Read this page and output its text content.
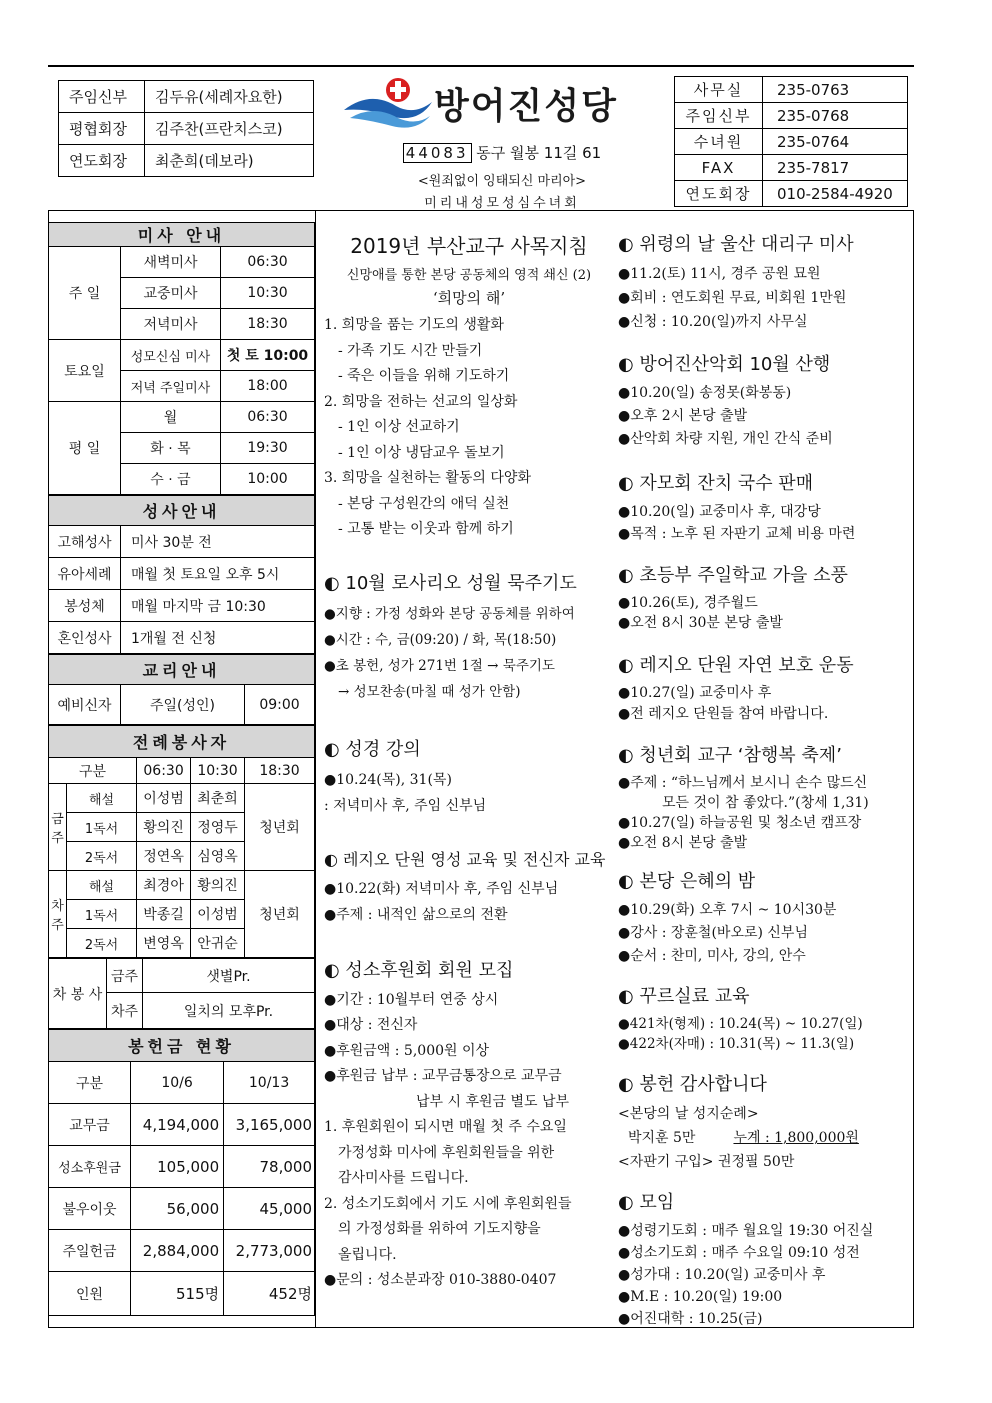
주임신부	김두유(세례자요한)
평협회장	김주찬(프란치스코)
연도회장	최춘희(데보라)
방어진성당
44083 동구 월봉 11길 61
<원죄없이 잉태되신 마리아>
미리내성모성심수녀회
사무실	235-0763
주임신부	235-0768
수녀원	235-0764
FAX	235-7817
연도회장	010-2584-4920
미사 안내		
주 일	새벽미사	06:30
	교중미사	10:30
	저녁미사	18:30
토요일	성모신심 미사	첫 토 10:00
	저녁 주일미사	18:00
평 일	월	06:30
	화 · 목	19:30
	수 · 금	10:00
성사안내	
고해성사	미사 30분 전
유아세례	매월 첫 토요일 오후 5시
봉성체	매월 마지막 금 10:30
혼인성사	1개월 전 신청
교리안내
예비신자	주일(성인)	09:00
전례봉사자				
구분		06:30	10:30	18:30
금주	해설	이성범	최춘희	청년회
	1독서	황의진	정영두	
	2독서	정연옥	심영옥	
차주	해설	최경아	황의진	청년회
	1독서	박종길	이성범	
	2독서	변영옥	안귀순	
차 봉 사	금주	샛별Pr.
	차주	일치의 모후Pr.
봉헌금 현황		
구분	10/6	10/13
교무금	4,194,000	3,165,000
성소후원금	105,000	78,000
불우이웃	56,000	45,000
주일헌금	2,884,000	2,773,000
인원	515명	452명
2019년 부산교구 사목지침
신망애를 통한 본당 공동체의 영적 쇄신 (2)
‘희망의 해’
1. 희망을 품는 기도의 생활화
- 가족 기도 시간 만들기
- 죽은 이들을 위해 기도하기
2. 희망을 전하는 선교의 일상화
- 1인 이상 선교하기
- 1인 이상 냉담교우 돌보기
3. 희망을 실천하는 활동의 다양화
- 본당 구성원간의 애덕 실천
- 고통 받는 이웃과 함께 하기
◐ 10월 로사리오 성월 묵주기도
●지향 : 가정 성화와 본당 공동체를 위하여
●시간 : 수, 금(09:20) / 화, 목(18:50)
●초 봉헌, 성가 271번 1절 → 묵주기도
→ 성모찬송(마칠 때 성가 안함)
◐ 성경 강의
●10.24(목), 31(목)
: 저녁미사 후, 주임 신부님
◐ 레지오 단원 영성 교육 및 전신자 교육
●10.22(화) 저녁미사 후, 주임 신부님
●주제 : 내적인 삶으로의 전환
◐ 성소후원회 회원 모집
●기간 : 10월부터 연중 상시
●대상 : 전신자
●후원금액 : 5,000원 이상
●후원금 납부 : 교무금통장으로 교무금
납부 시 후원금 별도 납부
1. 후원회원이 되시면 매월 첫 주 수요일
가정성화 미사에 후원회원들을 위한
감사미사를 드립니다.
2. 성소기도회에서 기도 시에 후원회원들
의 가정성화를 위하여 기도지향을
올립니다.
●문의 : 성소분과장 010-3880-0407
◐ 위령의 날 울산 대리구 미사
●11.2(토) 11시, 경주 공원 묘원
●회비 : 연도회원 무료, 비회원 1만원
●신청 : 10.20(일)까지 사무실
◐ 방어진산악회 10월 산행
●10.20(일) 송정못(화봉동)
●오후 2시 본당 출발
●산악회 차량 지원, 개인 간식 준비
◐ 자모회 잔치 국수 판매
●10.20(일) 교중미사 후, 대강당
●목적 : 노후 된 자판기 교체 비용 마련
◐ 초등부 주일학교 가을 소풍
●10.26(토), 경주월드
●오전 8시 30분 본당 출발
◐ 레지오 단원 자연 보호 운동
●10.27(일) 교중미사 후
●전 레지오 단원들 참여 바랍니다.
◐ 청년회 교구 ‘참행복 축제’
●주제 : “하느님께서 보시니 손수 많드신
모든 것이 참 좋았다.”(창세 1,31)
●10.27(일) 하늘공원 및 청소년 캠프장
●오전 8시 본당 출발
◐ 본당 은혜의 밤
●10.29(화) 오후 7시 ~ 10시30분
●강사 : 장훈철(바오로) 신부님
●순서 : 찬미, 미사, 강의, 안수
◐ 꾸르실료 교육
●421차(형제) : 10.24(목) ~ 10.27(일)
●422차(자매) : 10.31(목) ~ 11.3(일)
◐ 봉헌 감사합니다
<본당의 날 성지순례>
박지훈 5만	누계 : 1,800,000원
<자판기 구입> 권정필 50만
◐ 모임
●성령기도회 : 매주 월요일 19:30 어진실
●성소기도회 : 매주 수요일 09:10 성전
●성가대 : 10.20(일) 교중미사 후
●M.E : 10.20(일) 19:00
●어진대학 : 10.25(금)
